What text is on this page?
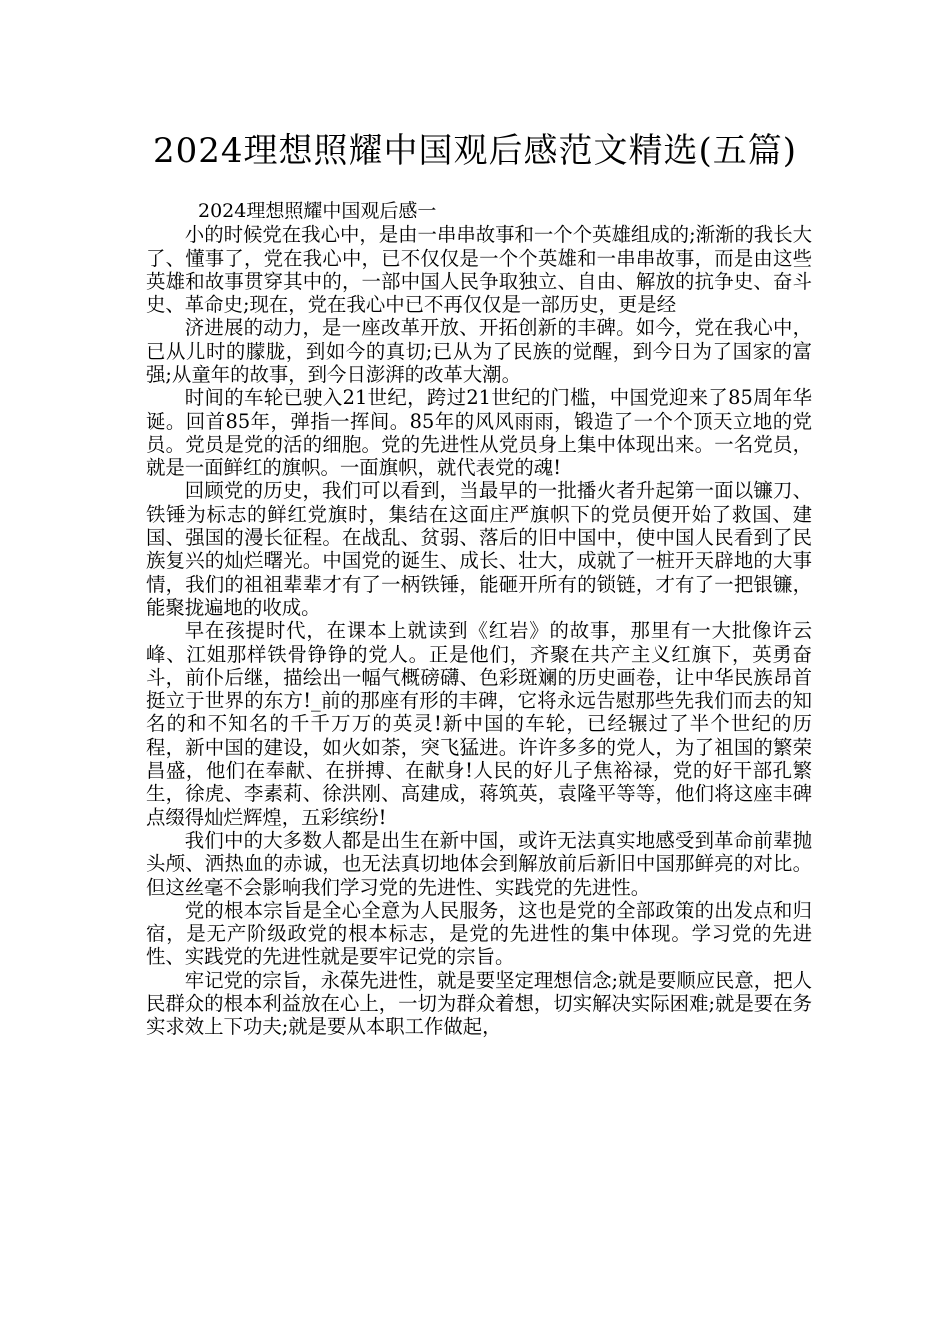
2024理想照耀中国观后感范文精选(五篇)

2024理想照耀中国观后感一

小的时候党在我心中，是由一串串故事和一个个英雄组成的;渐渐的我长大了、懂事了，党在我心中，已不仅仅是一个个英雄和一串串故事，而是由这些英雄和故事贯穿其中的，一部中国人民争取独立、自由、解放的抗争史、奋斗史、革命史;现在，党在我心中已不再仅仅是一部历史，更是经

济进展的动力，是一座改革开放、开拓创新的丰碑。如今，党在我心中，已从儿时的朦胧，到如今的真切;已从为了民族的觉醒，到今日为了国家的富强;从童年的故事，到今日澎湃的改革大潮。

时间的车轮已驶入21世纪，跨过21世纪的门槛，中国党迎来了85周年华诞。回首85年，弹指一挥间。85年的风风雨雨，锻造了一个个顶天立地的党员。党员是党的活的细胞。党的先进性从党员身上集中体现出来。一名党员，就是一面鲜红的旗帜。一面旗帜，就代表党的魂!

回顾党的历史，我们可以看到，当最早的一批播火者升起第一面以镰刀、铁锤为标志的鲜红党旗时，集结在这面庄严旗帜下的党员便开始了救国、建国、强国的漫长征程。在战乱、贫弱、落后的旧中国中，使中国人民看到了民族复兴的灿烂曙光。中国党的诞生、成长、壮大，成就了一桩开天辟地的大事情，我们的祖祖辈辈才有了一柄铁锤，能砸开所有的锁链，才有了一把银镰，能聚拢遍地的收成。

早在孩提时代，在课本上就读到《红岩》的故事，那里有一大批像许云峰、江姐那样铁骨铮铮的党人。正是他们，齐聚在共产主义红旗下，英勇奋斗，前仆后继，描绘出一幅气概磅礴、色彩斑斓的历史画卷，让中华民族昂首挺立于世界的东方!_前的那座有形的丰碑，它将永远告慰那些先我们而去的知名的和不知名的千千万万的英灵!新中国的车轮，已经辗过了半个世纪的历程，新中国的建设，如火如荼，突飞猛进。许许多多的党人，为了祖国的繁荣昌盛，他们在奉献、在拼搏、在献身!人民的好儿子焦裕禄，党的好干部孔繁生，徐虎、李素莉、徐洪刚、高建成，蒋筑英，袁隆平等等，他们将这座丰碑点缀得灿烂辉煌，五彩缤纷!

我们中的大多数人都是出生在新中国，或许无法真实地感受到革命前辈抛头颅、洒热血的赤诚，也无法真切地体会到解放前后新旧中国那鲜亮的对比。但这丝毫不会影响我们学习党的先进性、实践党的先进性。

党的根本宗旨是全心全意为人民服务，这也是党的全部政策的出发点和归宿，是无产阶级政党的根本标志，是党的先进性的集中体现。学习党的先进性、实践党的先进性就是要牢记党的宗旨。

牢记党的宗旨，永葆先进性，就是要坚定理想信念;就是要顺应民意，把人民群众的根本利益放在心上，一切为群众着想，切实解决实际困难;就是要在务实求效上下功夫;就是要从本职工作做起，
